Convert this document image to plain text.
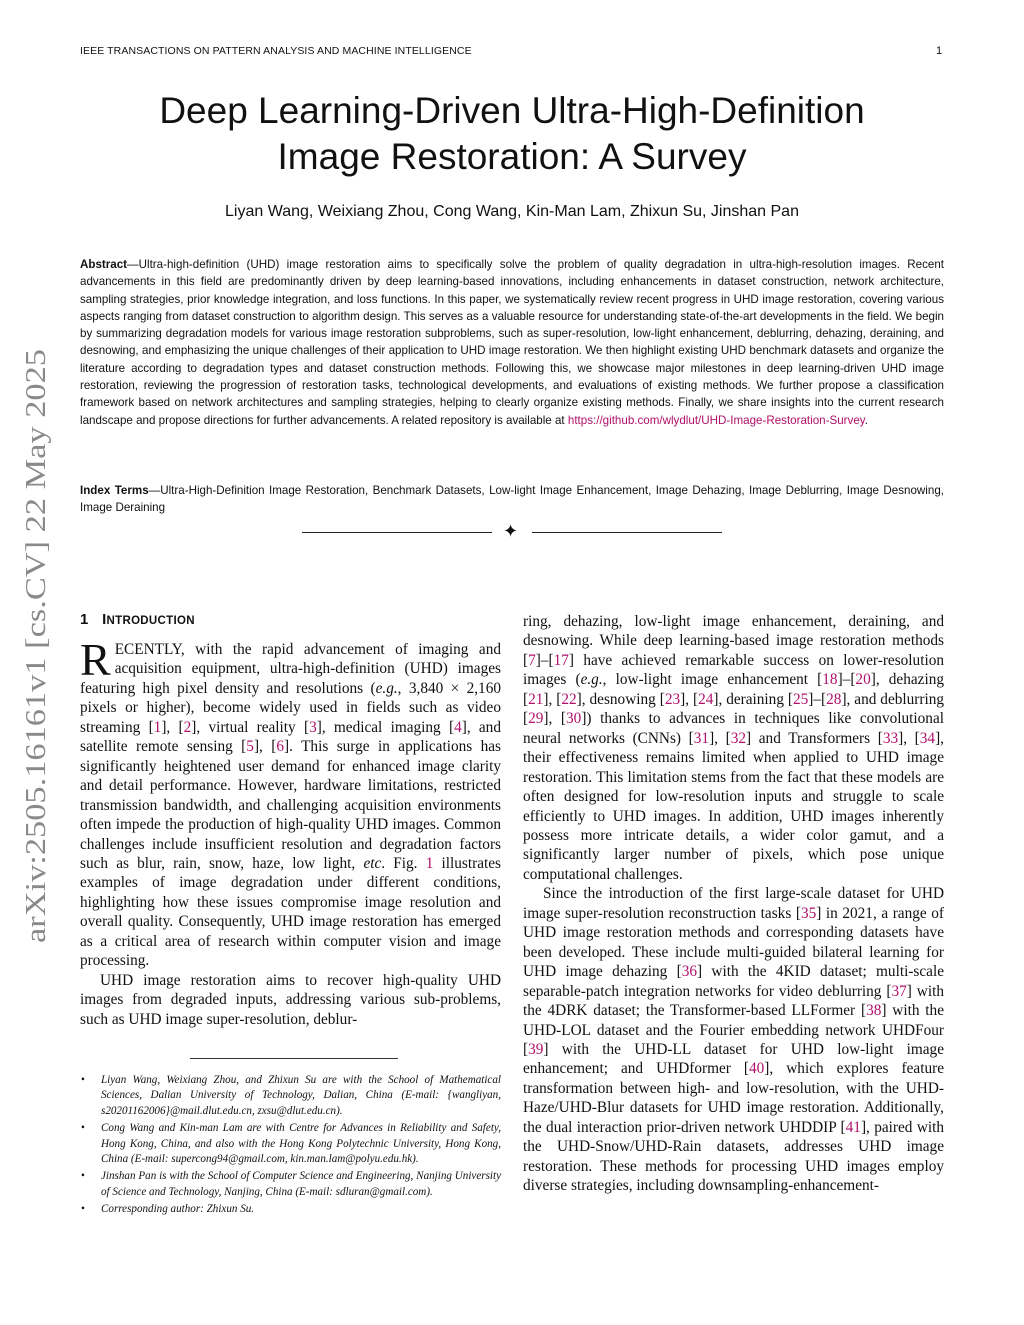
IEEE TRANSACTIONS ON PATTERN ANALYSIS AND MACHINE INTELLIGENCE	1
arXiv:2505.16161v1 [cs.CV] 22 May 2025
Deep Learning-Driven Ultra-High-Definition
Image Restoration: A Survey
Liyan Wang, Weixiang Zhou, Cong Wang, Kin-Man Lam, Zhixun Su, Jinshan Pan

Abstract—Ultra-high-definition (UHD) image restoration aims to specifically solve the problem of quality degradation in ultra-high-resolution images. Recent advancements in this field are predominantly driven by deep learning-based innovations, including enhancements in dataset construction, network architecture, sampling strategies, prior knowledge integration, and loss functions. In this paper, we systematically review recent progress in UHD image restoration, covering various aspects ranging from dataset construction to algorithm design. This serves as a valuable resource for understanding state-of-the-art developments in the field. We begin by summarizing degradation models for various image restoration subproblems, such as super-resolution, low-light enhancement, deblurring, dehazing, deraining, and desnowing, and emphasizing the unique challenges of their application to UHD image restoration. We then highlight existing UHD benchmark datasets and organize the literature according to degradation types and dataset construction methods. Following this, we showcase major milestones in deep learning-driven UHD image restoration, reviewing the progression of restoration tasks, technological developments, and evaluations of existing methods. We further propose a classification framework based on network architectures and sampling strategies, helping to clearly organize existing methods. Finally, we share insights into the current research landscape and propose directions for further advancements. A related repository is available at https://github.com/wlydlut/UHD-Image-Restoration-Survey.

Index Terms—Ultra-High-Definition Image Restoration, Benchmark Datasets, Low-light Image Enhancement, Image Dehazing, Image Deblurring, Image Desnowing, Image Deraining

✦
1 INTRODUCTION

RECENTLY, with the rapid advancement of imaging and acquisition equipment, ultra-high-definition (UHD) images featuring high pixel density and resolutions (e.g., 3,840 × 2,160 pixels or higher), become widely used in fields such as video streaming [1], [2], virtual reality [3], medical imaging [4], and satellite remote sensing [5], [6]. This surge in applications has significantly heightened user demand for enhanced image clarity and detail performance. However, hardware limitations, restricted transmission bandwidth, and challenging acquisition environments often impede the production of high-quality UHD images. Common challenges include insufficient resolution and degradation factors such as blur, rain, snow, haze, low light, etc. Fig. 1 illustrates examples of image degradation under different conditions, highlighting how these issues compromise image resolution and overall quality. Consequently, UHD image restoration has emerged as a critical area of research within computer vision and image processing.

UHD image restoration aims to recover high-quality UHD images from degraded inputs, addressing various sub-problems, such as UHD image super-resolution, deblur-

ring, dehazing, low-light image enhancement, deraining, and desnowing. While deep learning-based image restoration methods [7]–[17] have achieved remarkable success on lower-resolution images (e.g., low-light image enhancement [18]–[20], dehazing [21], [22], desnowing [23], [24], deraining [25]–[28], and deblurring [29], [30]) thanks to advances in techniques like convolutional neural networks (CNNs) [31], [32] and Transformers [33], [34], their effectiveness remains limited when applied to UHD image restoration. This limitation stems from the fact that these models are often designed for low-resolution inputs and struggle to scale efficiently to UHD images. In addition, UHD images inherently possess more intricate details, a wider color gamut, and a significantly larger number of pixels, which pose unique computational challenges.

Since the introduction of the first large-scale dataset for UHD image super-resolution reconstruction tasks [35] in 2021, a range of UHD image restoration methods and corresponding datasets have been developed. These include multi-guided bilateral learning for UHD image dehazing [36] with the 4KID dataset; multi-scale separable-patch integration networks for video deblurring [37] with the 4DRK dataset; the Transformer-based LLFormer [38] with the UHD-LOL dataset and the Fourier embedding network UHDFour [39] with the UHD-LL dataset for UHD low-light image enhancement; and UHDformer [40], which explores feature transformation between high- and low-resolution, with the UHD-Haze/UHD-Blur datasets for UHD image restoration. Additionally, the dual interaction prior-driven network UHDDIP [41], paired with the UHD-Snow/UHD-Rain datasets, addresses UHD image restoration. These methods for processing UHD images employ diverse strategies, including downsampling-enhancement-

• Liyan Wang, Weixiang Zhou, and Zhixun Su are with the School of Mathematical Sciences, Dalian University of Technology, Dalian, China (E-mail: {wangliyan, s20201162006}@mail.dlut.edu.cn, zxsu@dlut.edu.cn).
• Cong Wang and Kin-man Lam are with Centre for Advances in Reliability and Safety, Hong Kong, China, and also with the Hong Kong Polytechnic University, Hong Kong, China (E-mail: supercong94@gmail.com, kin.man.lam@polyu.edu.hk).
• Jinshan Pan is with the School of Computer Science and Engineering, Nanjing University of Science and Technology, Nanjing, China (E-mail: sdluran@gmail.com).
• Corresponding author: Zhixun Su.
